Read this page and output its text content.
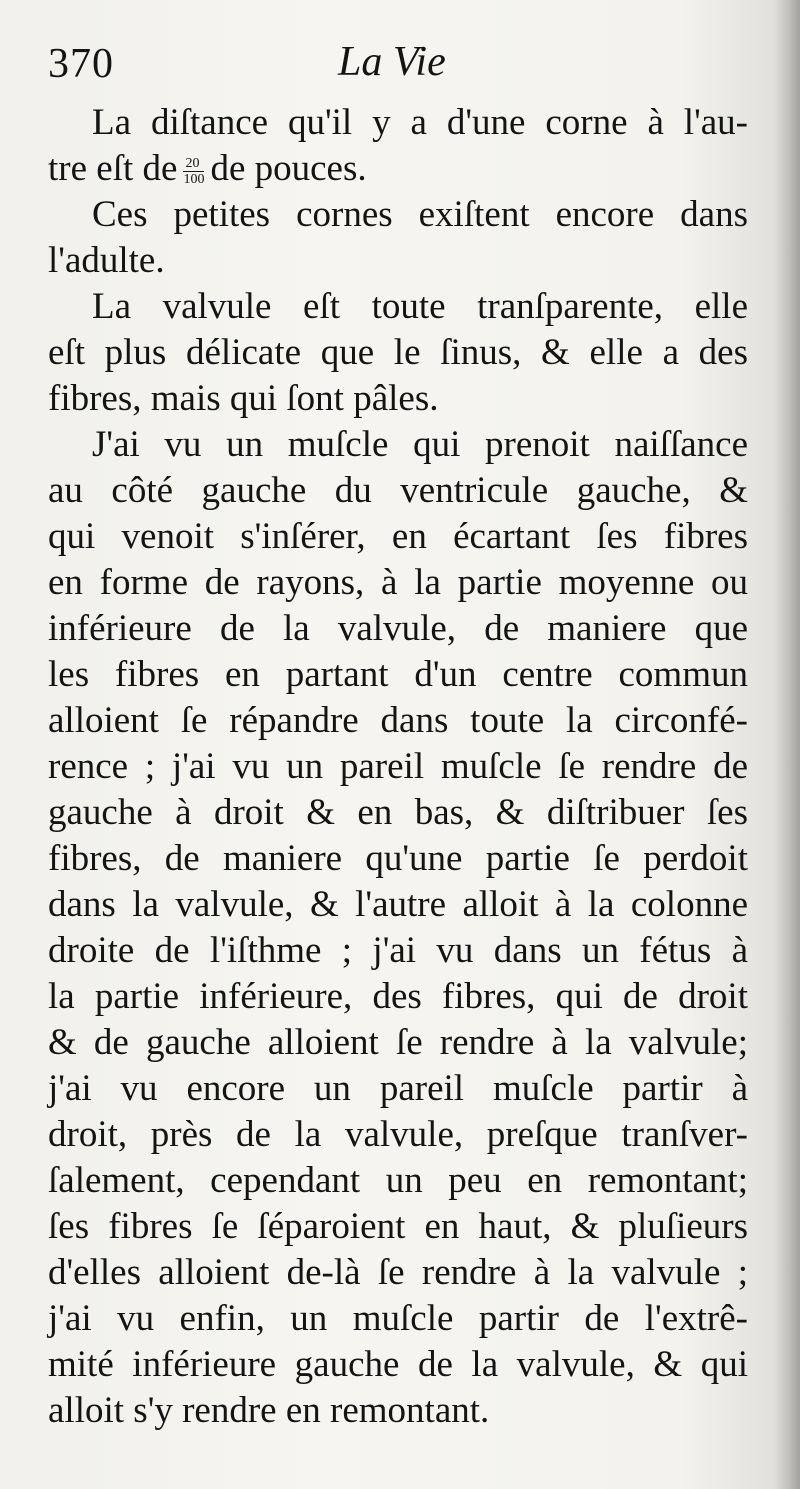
370	La Vie
La diſtance qu'il y a d'une corne à l'au-
tre eſt de $\frac{20}{100}$ de pouces.
Ces petites cornes exiſtent encore dans
l'adulte.
La valvule eſt toute tranſparente, elle
eſt plus délicate que le ſinus, & elle a des
fibres, mais qui ſont pâles.
J'ai vu un muſcle qui prenoit naiſſance
au côté gauche du ventricule gauche, &
qui venoit s'inſérer, en écartant ſes fibres
en forme de rayons, à la partie moyenne ou
inférieure de la valvule, de maniere que
les fibres en partant d'un centre commun
alloient ſe répandre dans toute la circonfé-
rence ; j'ai vu un pareil muſcle ſe rendre de
gauche à droit & en bas, & diſtribuer ſes
fibres, de maniere qu'une partie ſe perdoit
dans la valvule, & l'autre alloit à la colonne
droite de l'iſthme ; j'ai vu dans un fétus à
la partie inférieure, des fibres, qui de droit
& de gauche alloient ſe rendre à la valvule;
j'ai vu encore un pareil muſcle partir à
droit, près de la valvule, preſque tranſver-
ſalement, cependant un peu en remontant;
ſes fibres ſe ſéparoient en haut, & pluſieurs
d'elles alloient de-là ſe rendre à la valvule ;
j'ai vu enfin, un muſcle partir de l'extrê-
mité inférieure gauche de la valvule, & qui
alloit s'y rendre en remontant.
